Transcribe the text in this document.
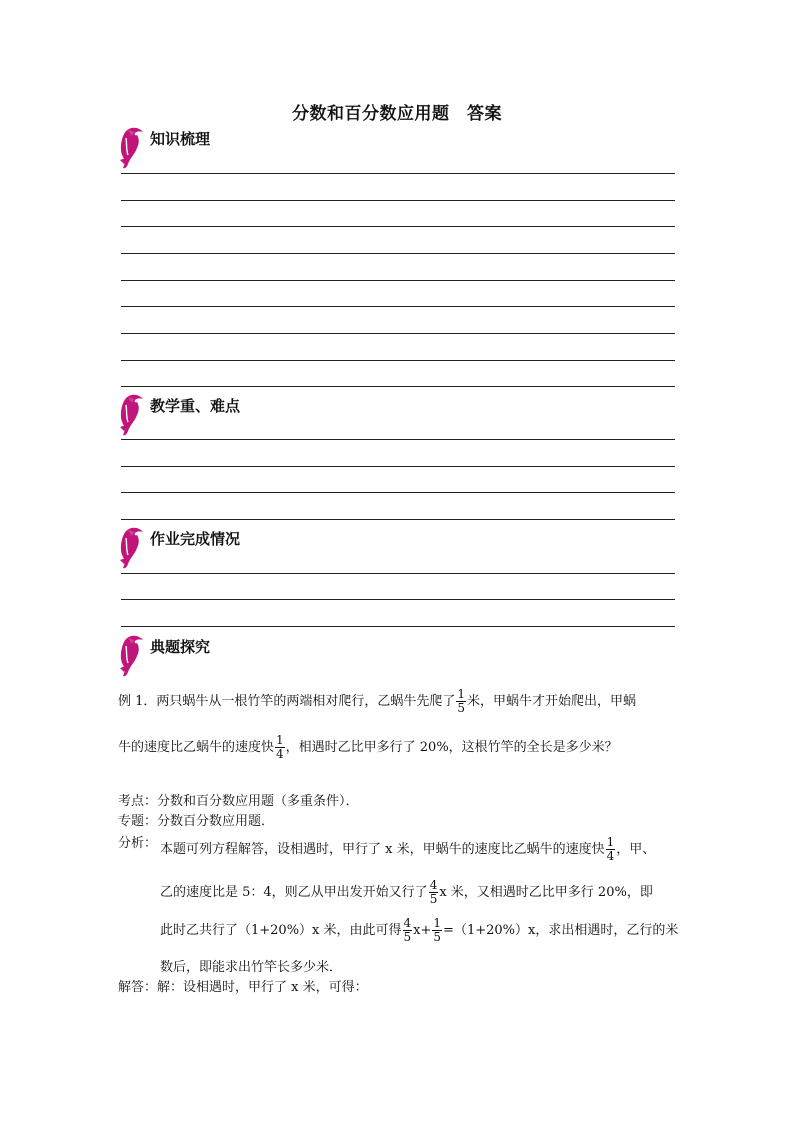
分数和百分数应用题　答案
知识梳理
教学重、难点
作业完成情况
典题探究
例 1．两只蜗牛从一根竹竿的两端相对爬行，乙蜗牛先爬了 $\frac{1}{5}$ 米，甲蜗牛才开始爬出，甲蜗
牛的速度比乙蜗牛的速度快 $\frac{1}{4}$ ，相遇时乙比甲多行了 20%，这根竹竿的全长是多少米？
考点：分数和百分数应用题（多重条件）．
专题：分数百分数应用题．
分析： 本题可列方程解答，设相遇时，甲行了 x 米，甲蜗牛的速度比乙蜗牛的速度快 $\frac{1}{4}$ ，甲、
乙的速度比是 5：4，则乙从甲出发开始又行了 $\frac{4}{5}$ x 米，又相遇时乙比甲多行 20%，即
此时乙共行了（1+20%）x 米，由此可得 $\frac{4}{5} x+ \frac{1}{5} =(1+20\%)x$，求出相遇时，乙行的米
数后，即能求出竹竿长多少米．
解答：解：设相遇时，甲行了 x 米，可得：
